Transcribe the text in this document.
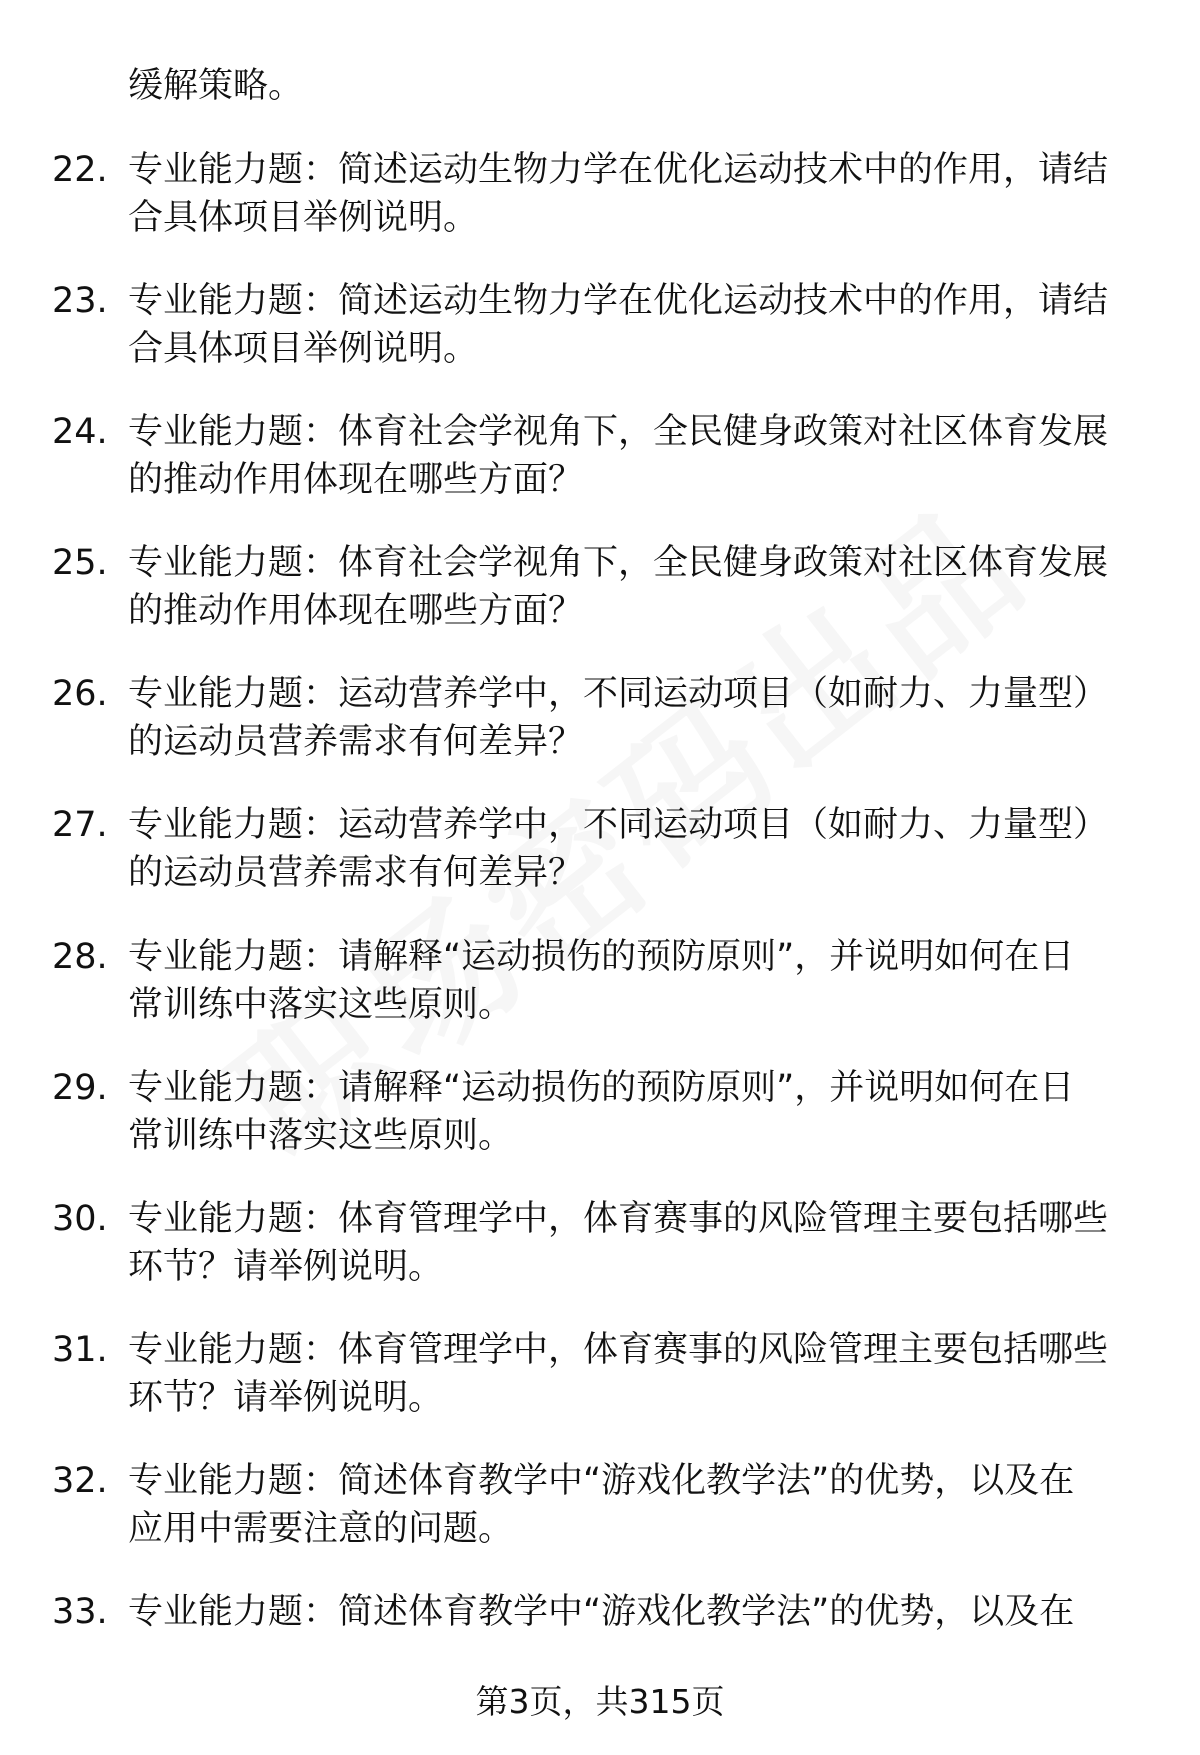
缓解策略。
22. 专业能力题：简述运动生物力学在优化运动技术中的作用，请结
合具体项目举例说明。
23. 专业能力题：简述运动生物力学在优化运动技术中的作用，请结
合具体项目举例说明。
24. 专业能力题：体育社会学视角下，全民健身政策对社区体育发展
的推动作用体现在哪些方面？
25. 专业能力题：体育社会学视角下，全民健身政策对社区体育发展
的推动作用体现在哪些方面？
26. 专业能力题：运动营养学中，不同运动项目（如耐力、力量型）
的运动员营养需求有何差异？
27. 专业能力题：运动营养学中，不同运动项目（如耐力、力量型）
的运动员营养需求有何差异？
28. 专业能力题：请解释“运动损伤的预防原则”，并说明如何在日
常训练中落实这些原则。
29. 专业能力题：请解释“运动损伤的预防原则”，并说明如何在日
常训练中落实这些原则。
30. 专业能力题：体育管理学中，体育赛事的风险管理主要包括哪些
环节？请举例说明。
31. 专业能力题：体育管理学中，体育赛事的风险管理主要包括哪些
环节？请举例说明。
32. 专业能力题：简述体育教学中“游戏化教学法”的优势，以及在
应用中需要注意的问题。
33. 专业能力题：简述体育教学中“游戏化教学法”的优势，以及在
第3页，共315页
